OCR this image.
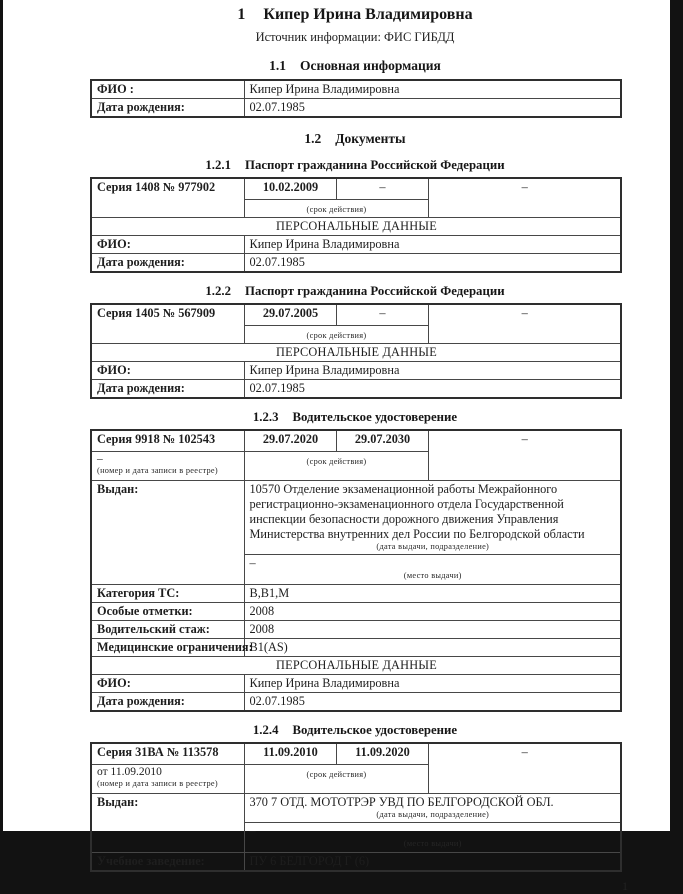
1 Кипер Ирина Владимировна
Источник информации: ФИС ГИБДД
1.1 Основная информация
ФИО :	Кипер Ирина Владимировна
Дата рождения:	02.07.1985
1.2 Документы
1.2.1 Паспорт гражданина Российской Федерации
Серия 1408 № 977902	10.02.2009	–	–
	(срок действия)		
ПЕРСОНАЛЬНЫЕ ДАННЫЕ			
ФИО:	Кипер Ирина Владимировна		
Дата рождения:	02.07.1985		
1.2.2 Паспорт гражданина Российской Федерации
Серия 1405 № 567909	29.07.2005	–	–
	(срок действия)		
ПЕРСОНАЛЬНЫЕ ДАННЫЕ			
ФИО:	Кипер Ирина Владимировна		
Дата рождения:	02.07.1985		
1.2.3 Водительское удостоверение
Серия 9918 № 102543	29.07.2020	29.07.2030	–

–
(номер и дата записи в реестре)	(срок действия)		
Выдан:	10570 Отделение экзаменационной работы Межрайонного регистрационно-экзаменационного отдела Государственной инспекции безопасности дорожного движения Управления Министерства внутренних дел России по Белгородской области
(дата выдачи, подразделение)		

	–
(место выдачи)		

Категория ТС:	B,B1,M		
Особые отметки:	2008		
Водительский стаж:	2008		
Медицинские ограничения:	B1(AS)		
ПЕРСОНАЛЬНЫЕ ДАННЫЕ			
ФИО:	Кипер Ирина Владимировна		
Дата рождения:	02.07.1985		
1.2.4 Водительское удостоверение
Серия 31ВА № 113578	11.09.2010	11.09.2020	–

от 11.09.2010
(номер и дата записи в реестре)	(срок действия)		
Выдан:	370 7 ОТД. МОТОТРЭР УВД ПО БЕЛГОРОДСКОЙ ОБЛ.
(дата выдачи, подразделение)		

	–
(место выдачи)		

Учебное заведение:	ПУ 6 БЕЛГОРОД Г (6)		
1
